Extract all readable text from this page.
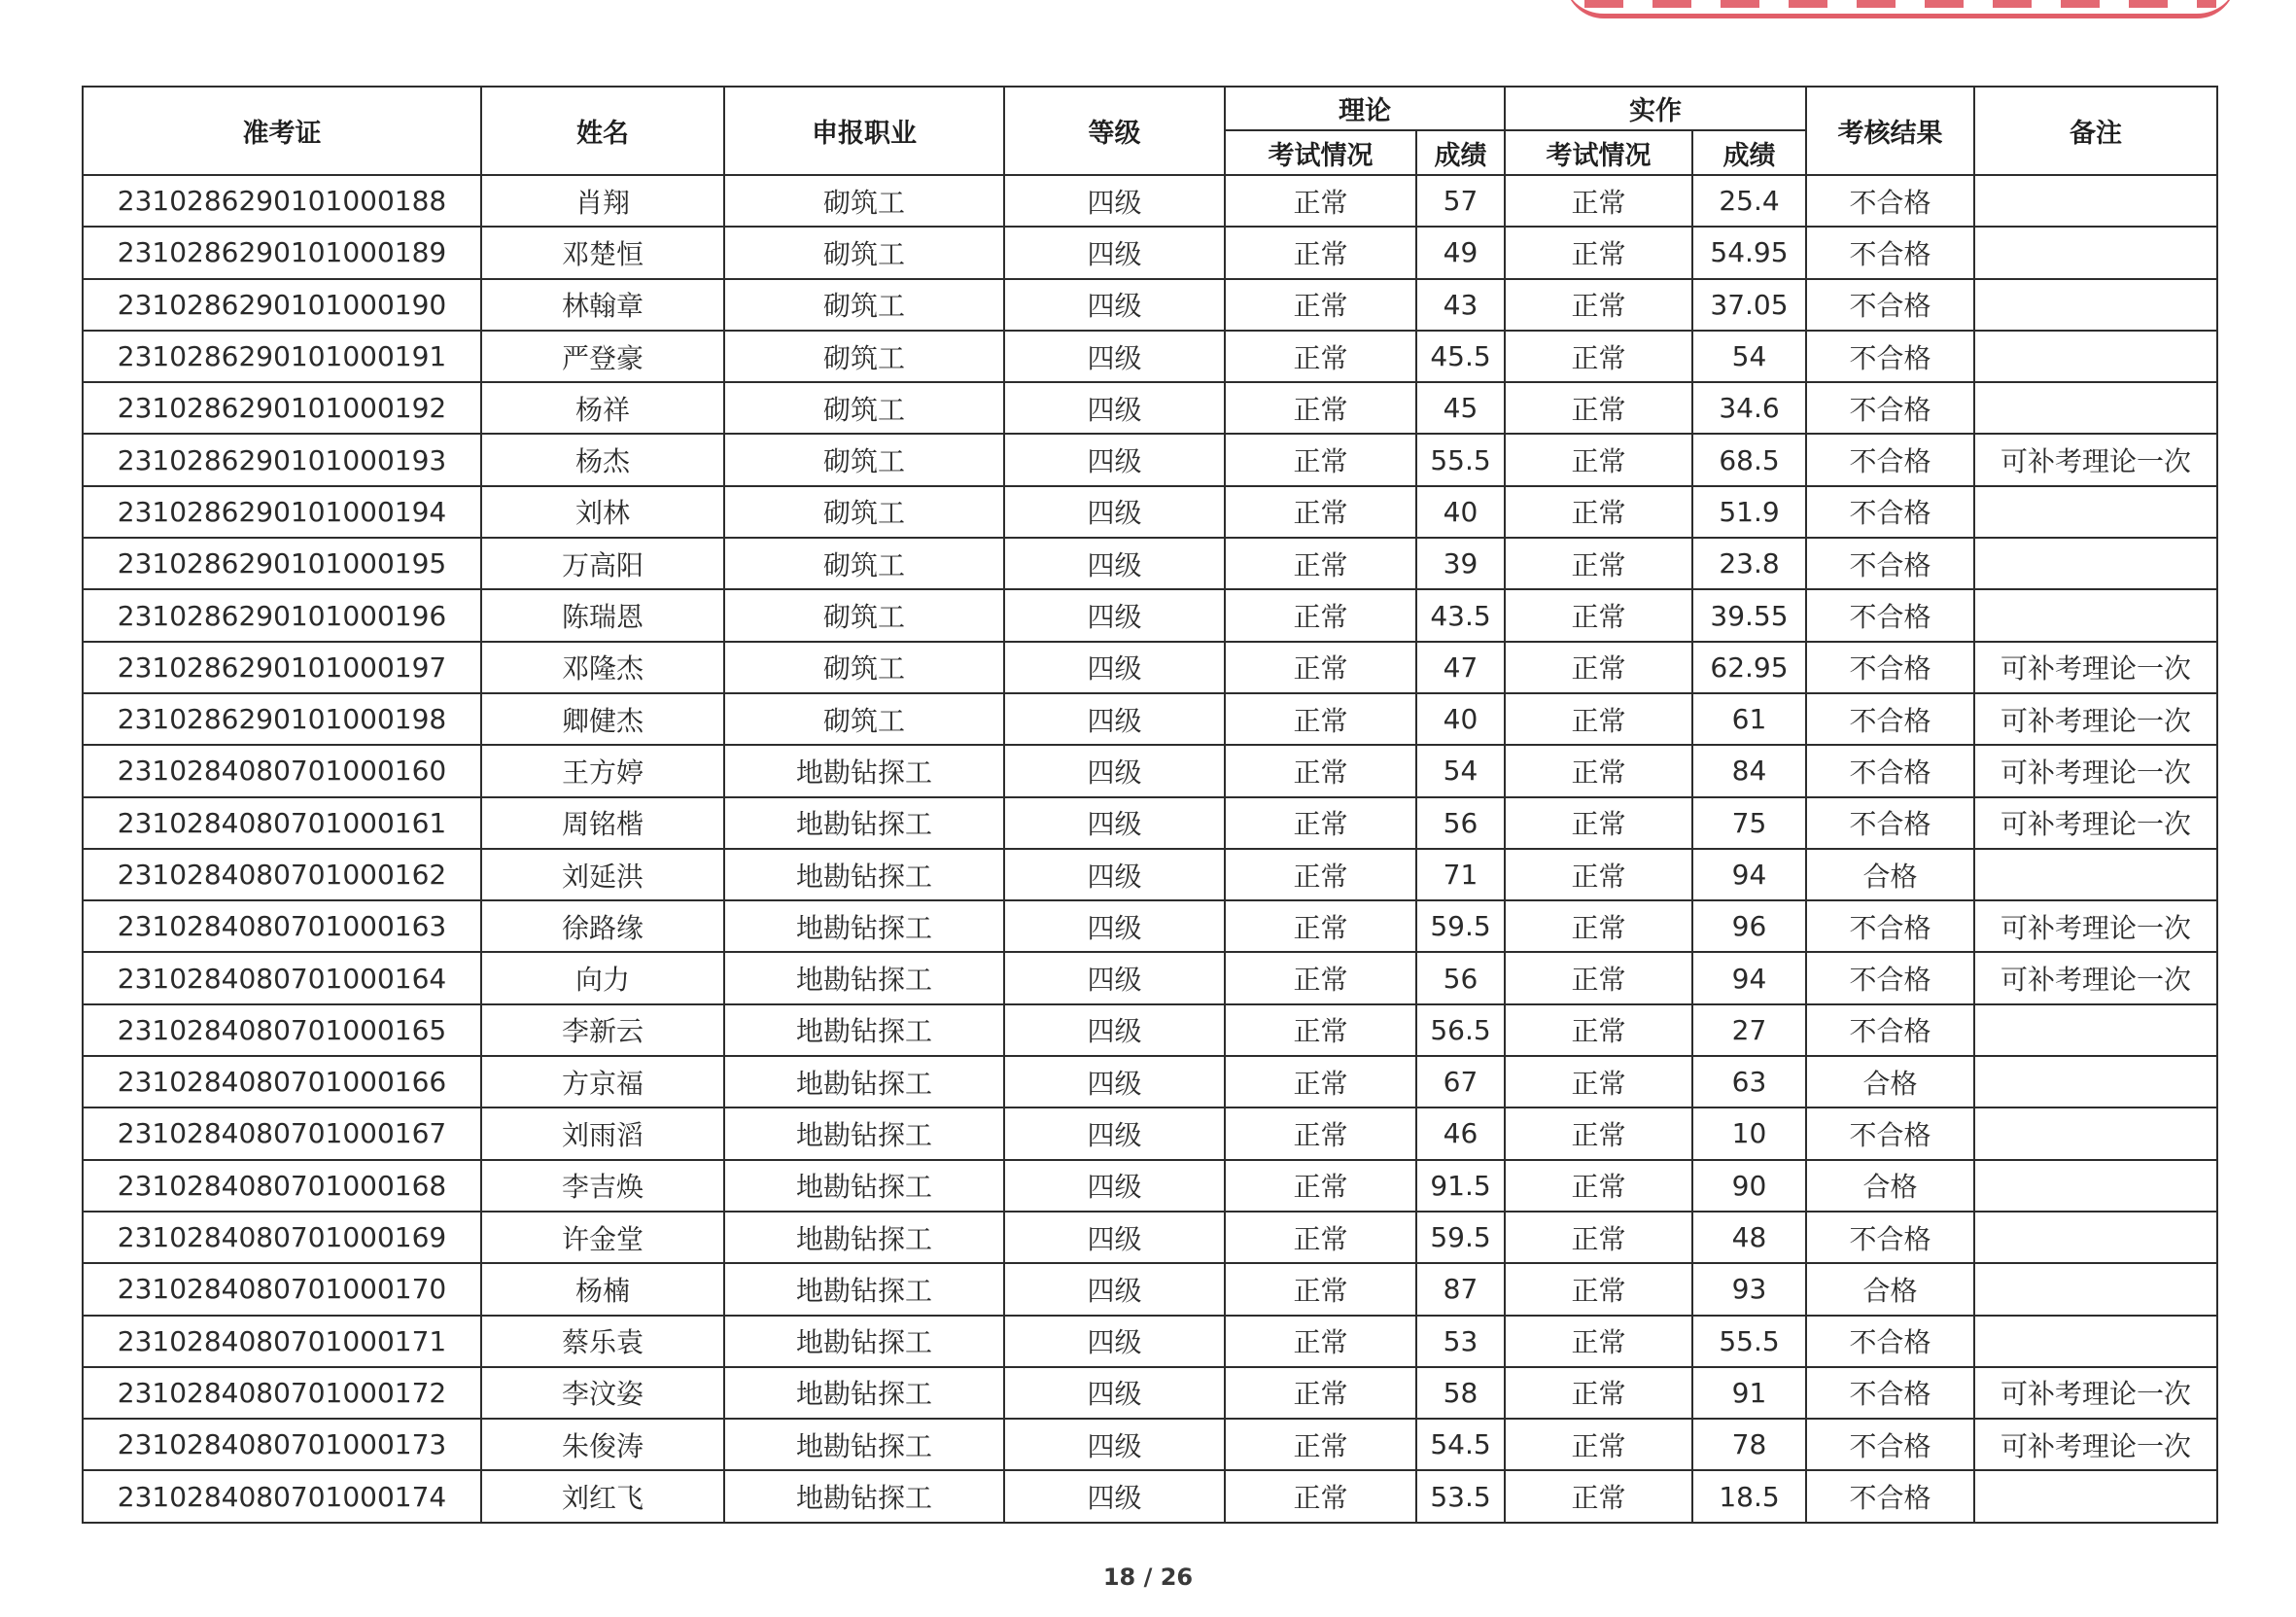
准考证	姓名	申报职业	等级	理论		实作		考核结果	备注
				考试情况	成绩	考试情况	成绩		
2310286290101000188	肖翔	砌筑工	四级	正常	57	正常	25.4	不合格	
2310286290101000189	邓楚恒	砌筑工	四级	正常	49	正常	54.95	不合格	
2310286290101000190	林翰章	砌筑工	四级	正常	43	正常	37.05	不合格	
2310286290101000191	严登豪	砌筑工	四级	正常	45.5	正常	54	不合格	
2310286290101000192	杨祥	砌筑工	四级	正常	45	正常	34.6	不合格	
2310286290101000193	杨杰	砌筑工	四级	正常	55.5	正常	68.5	不合格	可补考理论一次
2310286290101000194	刘林	砌筑工	四级	正常	40	正常	51.9	不合格	
2310286290101000195	万高阳	砌筑工	四级	正常	39	正常	23.8	不合格	
2310286290101000196	陈瑞恩	砌筑工	四级	正常	43.5	正常	39.55	不合格	
2310286290101000197	邓隆杰	砌筑工	四级	正常	47	正常	62.95	不合格	可补考理论一次
2310286290101000198	卿健杰	砌筑工	四级	正常	40	正常	61	不合格	可补考理论一次
2310284080701000160	王方婷	地勘钻探工	四级	正常	54	正常	84	不合格	可补考理论一次
2310284080701000161	周铭楷	地勘钻探工	四级	正常	56	正常	75	不合格	可补考理论一次
2310284080701000162	刘延洪	地勘钻探工	四级	正常	71	正常	94	合格	
2310284080701000163	徐路缘	地勘钻探工	四级	正常	59.5	正常	96	不合格	可补考理论一次
2310284080701000164	向力	地勘钻探工	四级	正常	56	正常	94	不合格	可补考理论一次
2310284080701000165	李新云	地勘钻探工	四级	正常	56.5	正常	27	不合格	
2310284080701000166	方京福	地勘钻探工	四级	正常	67	正常	63	合格	
2310284080701000167	刘雨滔	地勘钻探工	四级	正常	46	正常	10	不合格	
2310284080701000168	李吉焕	地勘钻探工	四级	正常	91.5	正常	90	合格	
2310284080701000169	许金堂	地勘钻探工	四级	正常	59.5	正常	48	不合格	
2310284080701000170	杨楠	地勘钻探工	四级	正常	87	正常	93	合格	
2310284080701000171	蔡乐袁	地勘钻探工	四级	正常	53	正常	55.5	不合格	
2310284080701000172	李汶姿	地勘钻探工	四级	正常	58	正常	91	不合格	可补考理论一次
2310284080701000173	朱俊涛	地勘钻探工	四级	正常	54.5	正常	78	不合格	可补考理论一次
2310284080701000174	刘红飞	地勘钻探工	四级	正常	53.5	正常	18.5	不合格	
18 / 26
